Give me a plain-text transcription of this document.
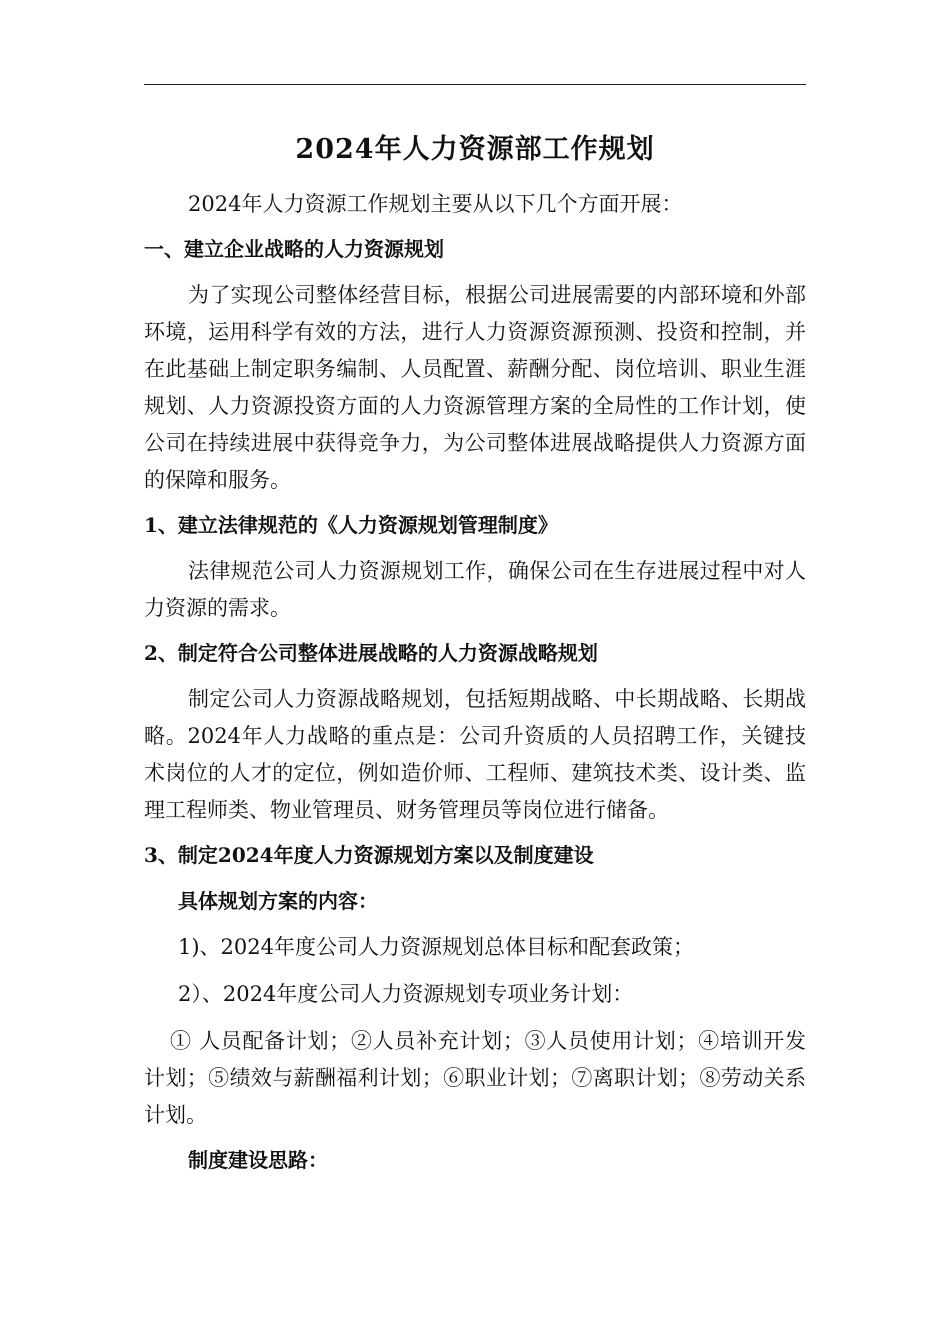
2024年人力资源部工作规划

2024年人力资源工作规划主要从以下几个方面开展：

一、建立企业战略的人力资源规划

为了实现公司整体经营目标，根据公司进展需要的内部环境和外部环境，运用科学有效的方法，进行人力资源资源预测、投资和控制，并在此基础上制定职务编制、人员配置、薪酬分配、岗位培训、职业生涯规划、人力资源投资方面的人力资源管理方案的全局性的工作计划，使公司在持续进展中获得竞争力，为公司整体进展战略提供人力资源方面的保障和服务。

1、建立法律规范的《人力资源规划管理制度》

法律规范公司人力资源规划工作，确保公司在生存进展过程中对人力资源的需求。

2、制定符合公司整体进展战略的人力资源战略规划

制定公司人力资源战略规划，包括短期战略、中长期战略、长期战略。2024年人力战略的重点是：公司升资质的人员招聘工作，关键技术岗位的人才的定位，例如造价师、工程师、建筑技术类、设计类、监理工程师类、物业管理员、财务管理员等岗位进行储备。

3、制定2024年度人力资源规划方案以及制度建设
具体规划方案的内容：
1)、2024年度公司人力资源规划总体目标和配套政策；
2）、2024年度公司人力资源规划专项业务计划：

① 人员配备计划；②人员补充计划；③人员使用计划；④培训开发计划；⑤绩效与薪酬福利计划；⑥职业计划；⑦离职计划；⑧劳动关系计划。

制度建设思路：
